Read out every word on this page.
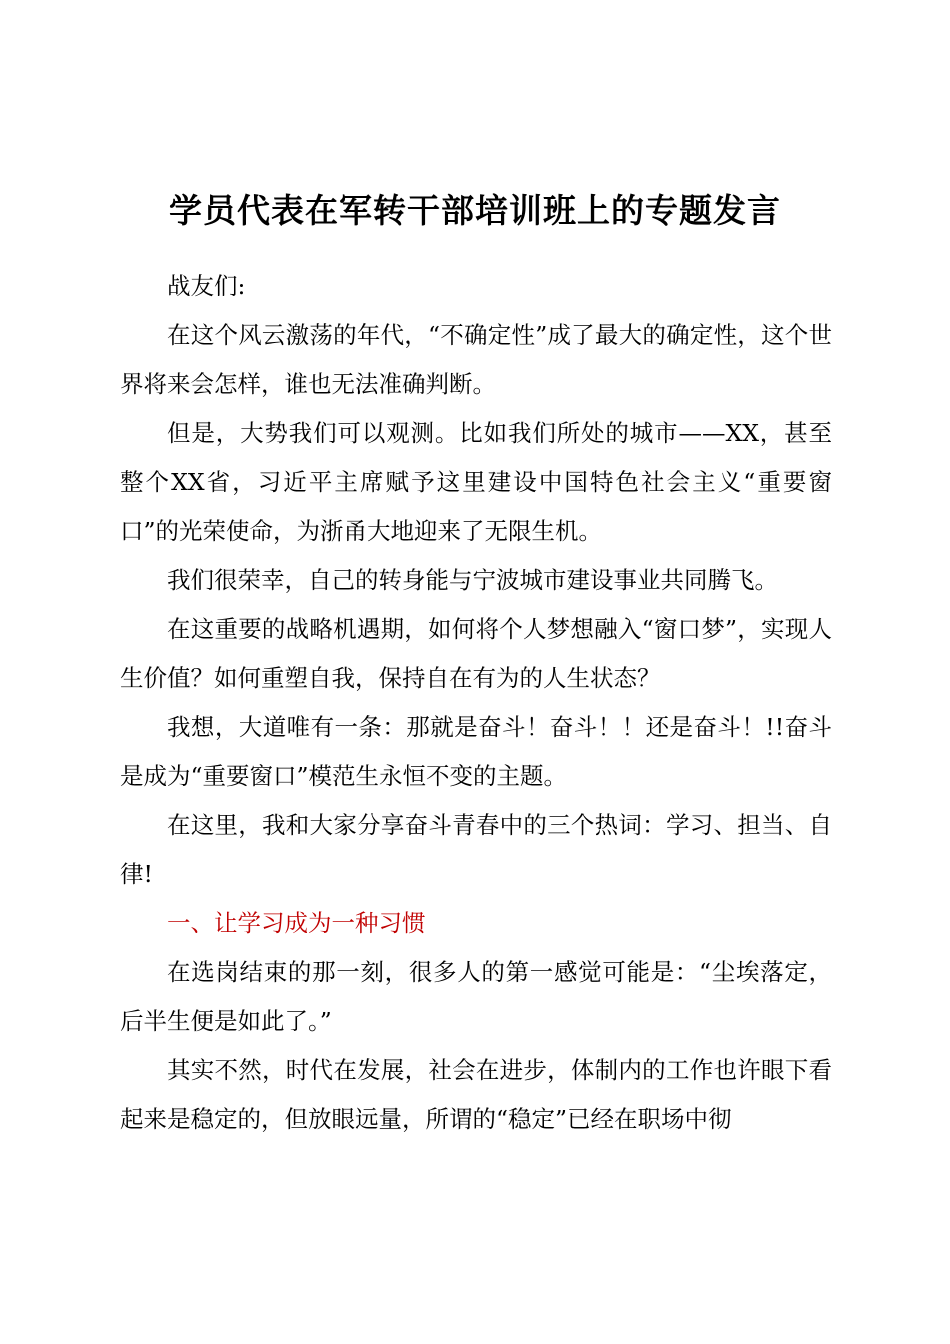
学员代表在军转干部培训班上的专题发言

战友们:

在这个风云激荡的年代，“不确定性”成了最大的确定性，这个世界将来会怎样，谁也无法准确判断。

但是，大势我们可以观测。比如我们所处的城市——XX，甚至整个XX省，习近平主席赋予这里建设中国特色社会主义“重要窗口”的光荣使命，为浙甬大地迎来了无限生机。

我们很荣幸，自己的转身能与宁波城市建设事业共同腾飞。

在这重要的战略机遇期，如何将个人梦想融入“窗口梦”，实现人生价值？如何重塑自我，保持自在有为的人生状态？

我想，大道唯有一条：那就是奋斗！奋斗！！还是奋斗！!!奋斗是成为“重要窗口”模范生永恒不变的主题。

在这里，我和大家分享奋斗青春中的三个热词：学习、担当、自律!

一、让学习成为一种习惯

在选岗结束的那一刻，很多人的第一感觉可能是：“尘埃落定，后半生便是如此了。”

其实不然，时代在发展，社会在进步，体制内的工作也许眼下看起来是稳定的，但放眼远量，所谓的“稳定”已经在职场中彻
